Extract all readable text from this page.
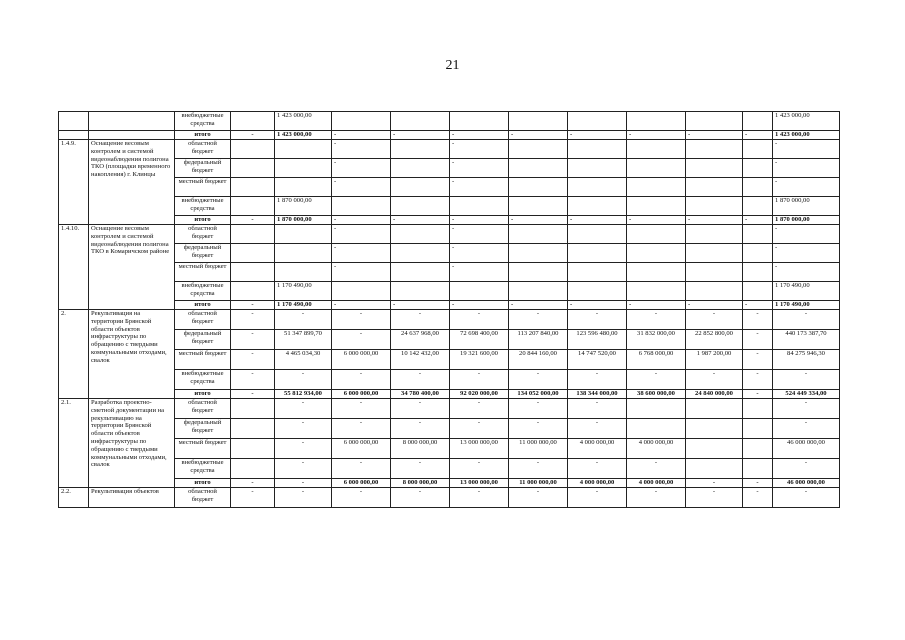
21
		внебюджетные средства		1 423 000,00									1 423 000,00
		итого	-	1 423 000,00	-	-	-	-	-	-	-	-	1 423 000,00
1.4.9.	Оснащение весовым контролем и системой видеонаблюдения полигона ТКО (площадки временного накопления) г. Клинцы	областной бюджет			-		-						-
		федеральный бюджет			-		-						-
		местный бюджет			-		-						-
		внебюджетные средства		1 870 000,00									1 870 000,00
		итого	-	1 870 000,00	-	-	-	-	-	-	-	-	1 870 000,00
1.4.10.	Оснащение весовым контролем и системой видеонаблюдения полигона ТКО в Комаричском районе	областной бюджет			-		-						-
		федеральный бюджет			-		-						-
		местный бюджет			-		-						-
		внебюджетные средства		1 170 490,00									1 170 490,00
		итого	-	1 170 490,00	-	-	-	-	-	-	-	-	1 170 490,00
2.	Рекультивация на территории Брянской области объектов инфраструктуры по обращению с твердыми коммунальными отходами, свалок	областной бюджет	-	-	-	-	-	-	-	-	-	-	-
		федеральный бюджет	-	51 347 899,70	-	24 637 968,00	72 698 400,00	113 207 840,00	123 596 480,00	31 832 000,00	22 852 800,00	-	440 173 387,70
		местный бюджет	-	4 465 034,30	6 000 000,00	10 142 432,00	19 321 600,00	20 844 160,00	14 747 520,00	6 768 000,00	1 987 200,00	-	84 275 946,30
		внебюджетные средства	-	-	-	-	-	-	-	-	-	-	-
		итого	-	55 812 934,00	6 000 000,00	34 780 400,00	92 020 000,00	134 052 000,00	138 344 000,00	38 600 000,00	24 840 000,00	-	524 449 334,00
2.1.	Разработка проектно-сметной документации на рекультивацию на территории Брянской области объектов инфраструктуры по обращению с твердыми коммунальными отходами, свалок	областной бюджет		-	-	-	-	-	-				-
		федеральный бюджет		-	-	-	-	-	-				-
		местный бюджет		-	6 000 000,00	8 000 000,00	13 000 000,00	11 000 000,00	4 000 000,00	4 000 000,00			46 000 000,00
		внебюджетные средства		-	-	-	-	-	-	-			-
		итого	-	-	6 000 000,00	8 000 000,00	13 000 000,00	11 000 000,00	4 000 000,00	4 000 000,00	-	-	46 000 000,00
2.2.	Рекультивация объектов	областной бюджет	-	-	-	-	-	-	-	-	-	-	-
